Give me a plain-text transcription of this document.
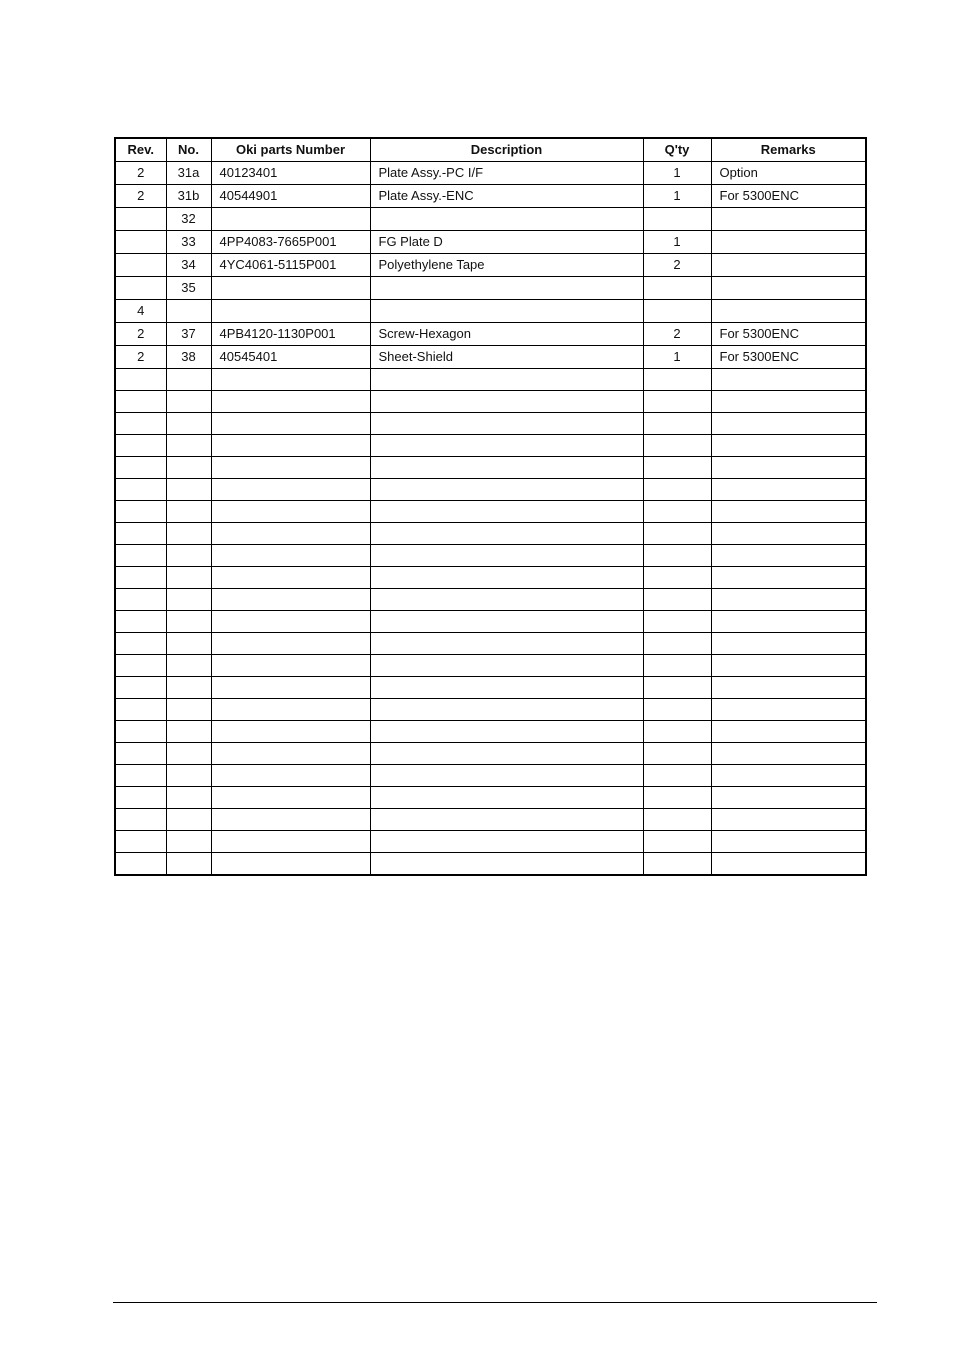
Rev.	No.	Oki parts Number	Description	Q'ty	Remarks
2	31a	40123401	Plate Assy.-PC I/F	1	Option
2	31b	40544901	Plate Assy.-ENC	1	For 5300ENC
	32				
	33	4PP4083-7665P001	FG Plate D	1	
	34	4YC4061-5115P001	Polyethylene Tape	2	
	35				
4					
2	37	4PB4120-1130P001	Screw-Hexagon	2	For 5300ENC
2	38	40545401	Sheet-Shield	1	For 5300ENC
